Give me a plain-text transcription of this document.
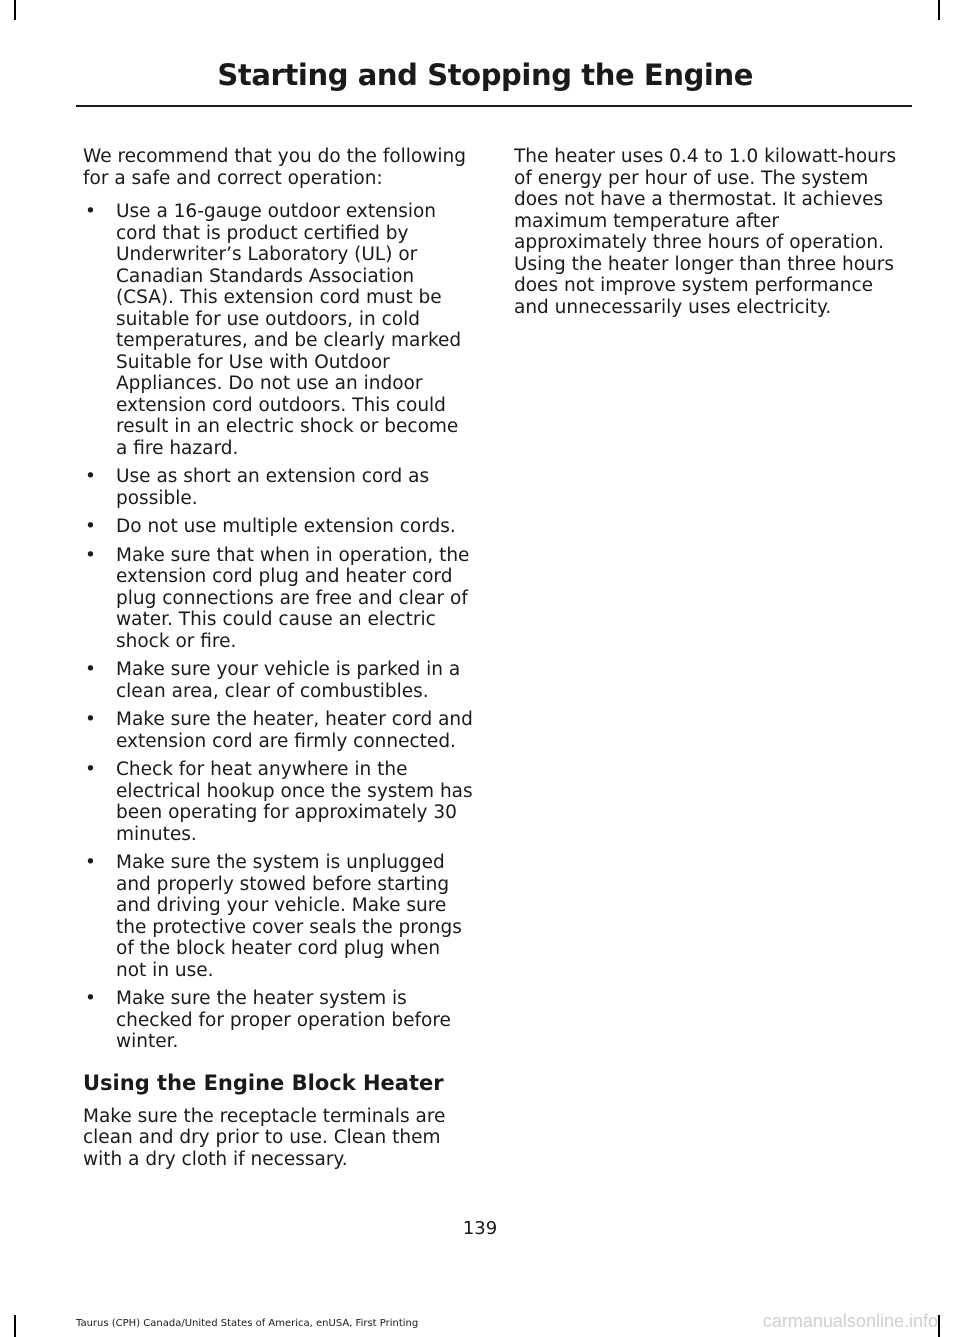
Starting and Stopping the Engine

We recommend that you do the following for a safe and correct operation:

• Use a 16-gauge outdoor extension cord that is product certified by Underwriter’s Laboratory (UL) or Canadian Standards Association (CSA). This extension cord must be suitable for use outdoors, in cold temperatures, and be clearly marked Suitable for Use with Outdoor Appliances. Do not use an indoor extension cord outdoors. This could result in an electric shock or become a fire hazard.
• Use as short an extension cord as possible.
• Do not use multiple extension cords.
• Make sure that when in operation, the extension cord plug and heater cord plug connections are free and clear of water. This could cause an electric shock or fire.
• Make sure your vehicle is parked in a clean area, clear of combustibles.
• Make sure the heater, heater cord and extension cord are firmly connected.
• Check for heat anywhere in the electrical hookup once the system has been operating for approximately 30 minutes.
• Make sure the system is unplugged and properly stowed before starting and driving your vehicle. Make sure the protective cover seals the prongs of the block heater cord plug when not in use.
• Make sure the heater system is checked for proper operation before winter.
Using the Engine Block Heater

Make sure the receptacle terminals are clean and dry prior to use. Clean them with a dry cloth if necessary.

The heater uses 0.4 to 1.0 kilowatt-hours of energy per hour of use. The system does not have a thermostat. It achieves maximum temperature after approximately three hours of operation. Using the heater longer than three hours does not improve system performance and unnecessarily uses electricity.

139
Taurus (CPH) Canada/United States of America, enUSA, First Printing	carmanualsonline.info
